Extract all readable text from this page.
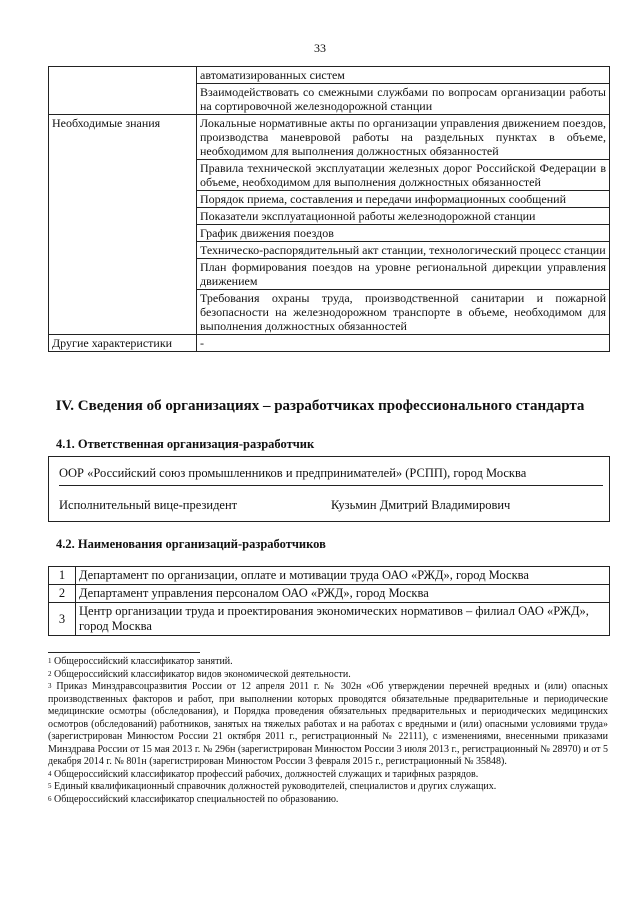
33
	автоматизированных систем
	Взаимодействовать со смежными службами по вопросам организации работы на сортировочной железнодорожной станции
Необходимые знания	Локальные нормативные акты по организации управления движением поездов, производства маневровой работы на раздельных пунктах в объеме, необходимом для выполнения должностных обязанностей
	Правила технической эксплуатации железных дорог Российской Федерации в объеме, необходимом для выполнения должностных обязанностей
	Порядок приема, составления и передачи информационных сообщений
	Показатели эксплуатационной работы железнодорожной станции
	График движения поездов
	Техническо-распорядительный акт станции, технологический процесс станции
	План формирования поездов на уровне региональной дирекции управления движением
	Требования охраны труда, производственной санитарии и пожарной безопасности на железнодорожном транспорте в объеме, необходимом для выполнения должностных обязанностей
Другие характеристики	-
IV. Сведения об организациях – разработчиках профессионального стандарта
4.1. Ответственная организация-разработчик
ООР «Российский союз промышленников и предпринимателей» (РСПП), город Москва
Исполнительный вице-президент	Кузьмин Дмитрий Владимирович
4.2. Наименования организаций-разработчиков
1	Департамент по организации, оплате и мотивации труда ОАО «РЖД», город Москва
2	Департамент управления персоналом ОАО «РЖД», город Москва
3	Центр организации труда и проектирования экономических нормативов – филиал ОАО «РЖД», город Москва

$^1$ Общероссийский классификатор занятий.

$^2$ Общероссийский классификатор видов экономической деятельности.

$^3$ Приказ Минздравсоцразвития России от 12 апреля 2011 г. № 302н «Об утверждении перечней вредных и (или) опасных производственных факторов и работ, при выполнении которых проводятся обязательные предварительные и периодические медицинские осмотры (обследования), и Порядка проведения обязательных предварительных и периодических медицинских осмотров (обследований) работников, занятых на тяжелых работах и на работах с вредными и (или) опасными условиями труда» (зарегистрирован Минюстом России 21 октября 2011 г., регистрационный № 22111), с изменениями, внесенными приказами Минздрава России от 15 мая 2013 г. № 296н (зарегистрирован Минюстом России 3 июля 2013 г., регистрационный № 28970) и от 5 декабря 2014 г. № 801н (зарегистрирован Минюстом России 3 февраля 2015 г., регистрационный № 35848).

$^4$ Общероссийский классификатор профессий рабочих, должностей служащих и тарифных разрядов.

$^5$ Единый квалификационный справочник должностей руководителей, специалистов и других служащих.

$^6$ Общероссийский классификатор специальностей по образованию.
